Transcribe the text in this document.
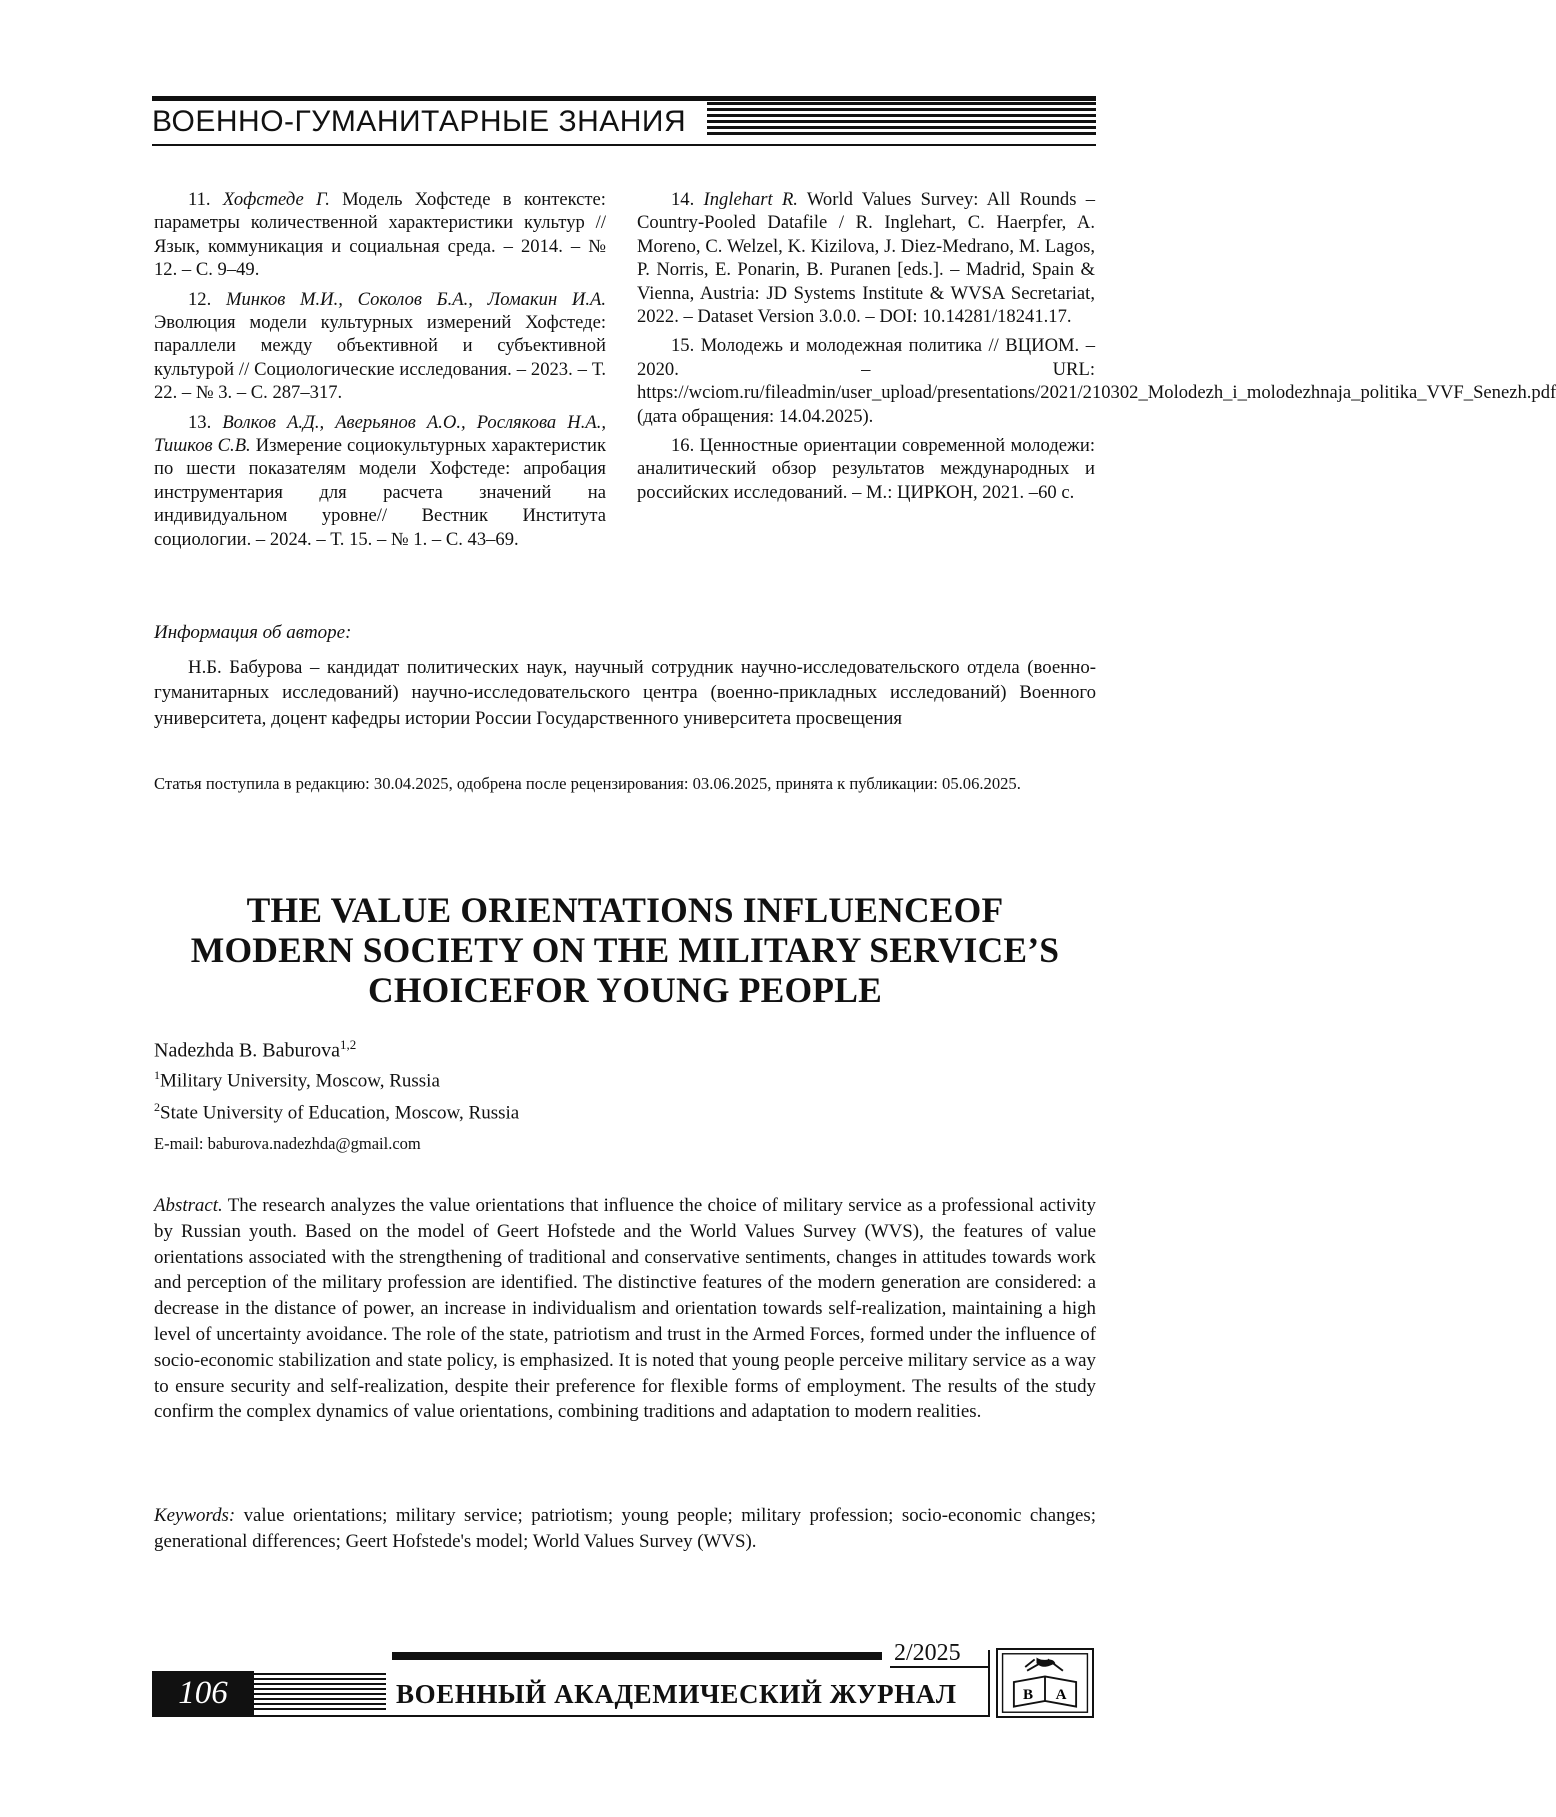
ВОЕННО-ГУМАНИТАРНЫЕ ЗНАНИЯ

11. Хофстеде Г. Модель Хофстеде в контексте: параметры количественной характеристики культур // Язык, коммуникация и социальная среда. – 2014. – № 12. – С. 9–49.

12. Минков М.И., Соколов Б.А., Ломакин И.А. Эволюция модели культурных измерений Хофстеде: параллели между объективной и субъективной культурой // Социологические исследования. – 2023. – Т. 22. – № 3. – С. 287–317.

13. Волков А.Д., Аверьянов А.О., Рослякова Н.А., Тишков С.В. Измерение социокультурных характеристик по шести показателям модели Хофстеде: апробация инструментария для расчета значений на индивидуальном уровне// Вестник Института социологии. – 2024. – Т. 15. – № 1. – С. 43–69.

14. Inglehart R. World Values Survey: All Rounds – Country-Pooled Datafile / R. Inglehart, C. Haerpfer, A. Moreno, C. Welzel, K. Kizilova, J. Diez-Medrano, M. Lagos, P. Norris, E. Ponarin, B. Puranen [eds.]. – Madrid, Spain & Vienna, Austria: JD Systems Institute & WVSA Secretariat, 2022. – Dataset Version 3.0.0. – DOI: 10.14281/18241.17.

15. Молодежь и молодежная политика // ВЦИОМ. – 2020. – URL: https://wciom.ru/fileadmin/user_upload/presentations/2021/210302_Molodezh_i_molodezhnaja_politika_VVF_Senezh.pdf (дата обращения: 14.04.2025).

16. Ценностные ориентации современной молодежи: аналитический обзор результатов международных и российских исследований. – М.: ЦИРКОН, 2021. –60 с.

Информация об авторе:
Н.Б. Бабурова – кандидат политических наук, научный сотрудник научно-исследовательского отдела (военно-гуманитарных исследований) научно-исследовательского центра (военно-прикладных исследований) Военного университета, доцент кафедры истории России Государственного университета просвещения
Статья поступила в редакцию: 30.04.2025, одобрена после рецензирования: 03.06.2025, принята к публикации: 05.06.2025.
THE VALUE ORIENTATIONS INFLUENCEOF
MODERN SOCIETY ON THE MILITARY SERVICE’S
CHOICEFOR YOUNG PEOPLE
Nadezhda B. Baburova$^{1,2}$
$^1$Military University, Moscow, Russia
$^2$State University of Education, Moscow, Russia
E-mail: baburova.nadezhda@gmail.com
Abstract. The research analyzes the value orientations that influence the choice of military service as a professional activity by Russian youth. Based on the model of Geert Hofstede and the World Values Survey (WVS), the features of value orientations associated with the strengthening of traditional and conservative sentiments, changes in attitudes towards work and perception of the military profession are identified. The distinctive features of the modern generation are considered: a decrease in the distance of power, an increase in individualism and orientation towards self-realization, maintaining a high level of uncertainty avoidance. The role of the state, patriotism and trust in the Armed Forces, formed under the influence of socio-economic stabilization and state policy, is emphasized. It is noted that young people perceive military service as a way to ensure security and self-realization, despite their preference for flexible forms of employment. The results of the study confirm the complex dynamics of value orientations, combining traditions and adaptation to modern realities.
Keywords: value orientations; military service; patriotism; young people; military profession; socio-economic changes; generational differences; Geert Hofstede's model; World Values Survey (WVS).
2/2025
106	ВОЕННЫЙ АКАДЕМИЧЕСКИЙ ЖУРНАЛ	В А
